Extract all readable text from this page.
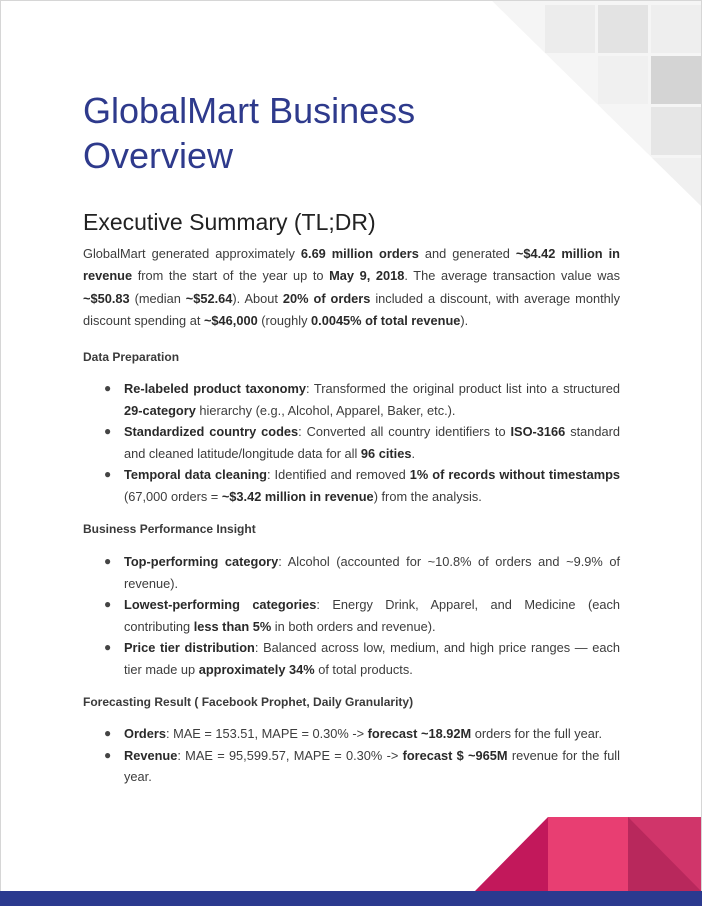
GlobalMart Business Overview
Executive Summary (TL;DR)

GlobalMart generated approximately 6.69 million orders and generated ~$4.42 million in revenue from the start of the year up to May 9, 2018. The average transaction value was ~$50.83 (median ~$52.64). About 20% of orders included a discount, with average monthly discount spending at ~$46,000 (roughly 0.0045% of total revenue).

Data Preparation
● Re-labeled product taxonomy: Transformed the original product list into a structured 29-category hierarchy (e.g., Alcohol, Apparel, Baker, etc.).
● Standardized country codes: Converted all country identifiers to ISO-3166 standard and cleaned latitude/longitude data for all 96 cities.
● Temporal data cleaning: Identified and removed 1% of records without timestamps (67,000 orders = ~$3.42 million in revenue) from the analysis.
Business Performance Insight
● Top-performing category: Alcohol (accounted for ~10.8% of orders and ~9.9% of revenue).
● Lowest-performing categories: Energy Drink, Apparel, and Medicine (each contributing less than 5% in both orders and revenue).
● Price tier distribution: Balanced across low, medium, and high price ranges — each tier made up approximately 34% of total products.
Forecasting Result ( Facebook Prophet, Daily Granularity)
● Orders: MAE = 153.51, MAPE = 0.30% -> forecast ~18.92M orders for the full year.
● Revenue: MAE = 95,599.57, MAPE = 0.30% -> forecast $ ~965M revenue for the full year.
